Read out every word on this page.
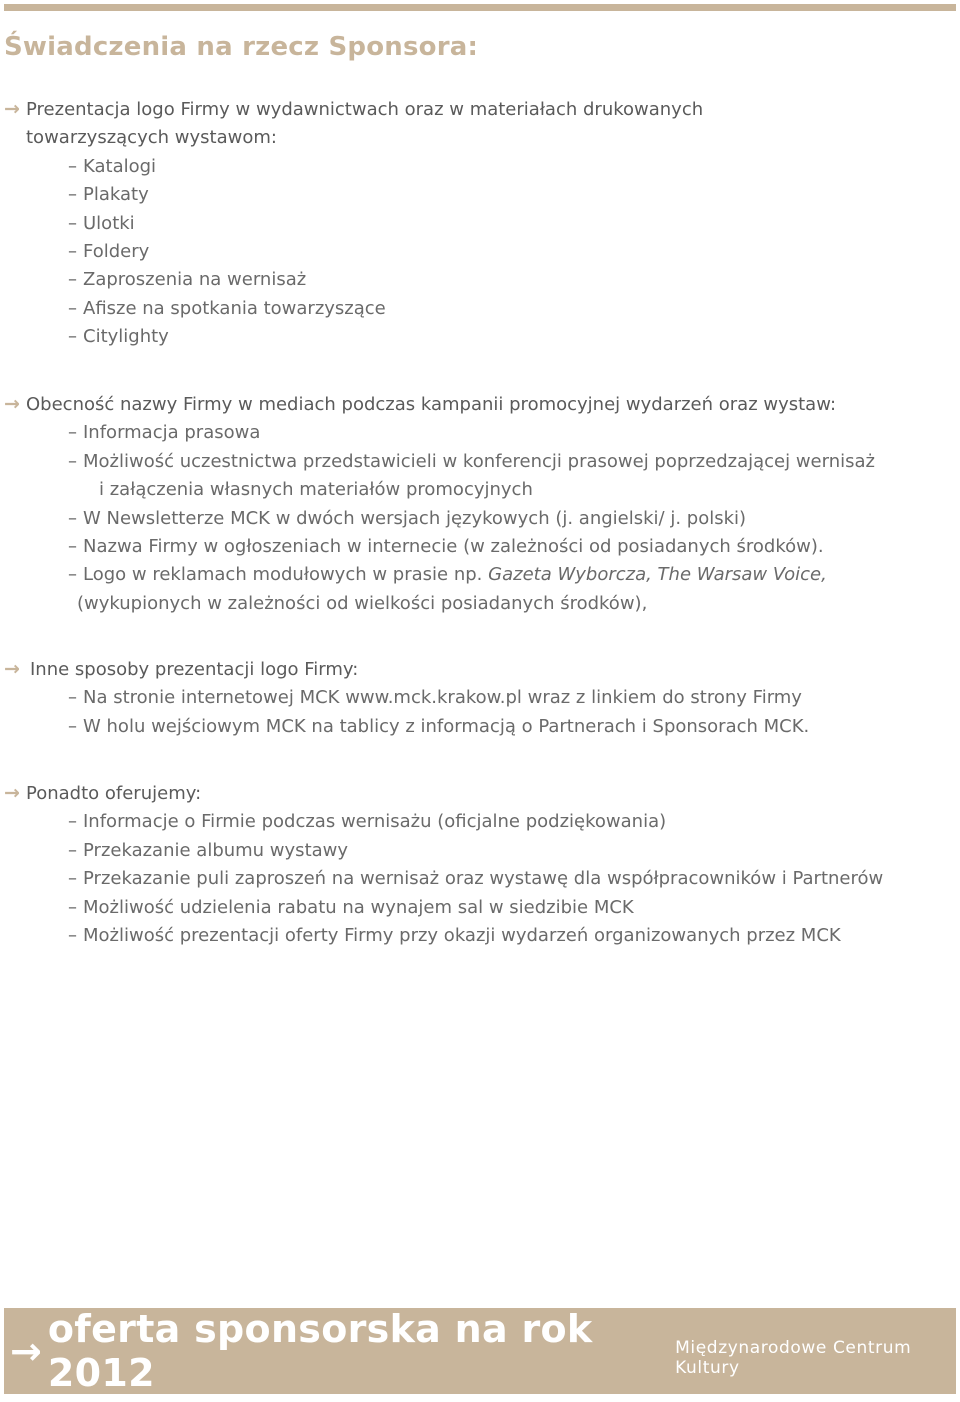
Świadczenia na rzecz Sponsora:
→ Prezentacja logo Firmy w wydawnictwach oraz w materiałach drukowanych
towarzyszących wystawom:
– Katalogi
– Plakaty
– Ulotki
– Foldery
– Zaproszenia na wernisaż
– Afisze na spotkania towarzyszące
– Citylighty
→ Obecność nazwy Firmy w mediach podczas kampanii promocyjnej wydarzeń oraz wystaw:
– Informacja prasowa
– Możliwość uczestnictwa przedstawicieli w konferencji prasowej poprzedzającej wernisaż
i załączenia własnych materiałów promocyjnych
– W Newsletterze MCK w dwóch wersjach językowych (j. angielski/ j. polski)
– Nazwa Firmy w ogłoszeniach w internecie (w zależności od posiadanych środków).
– Logo w reklamach modułowych w prasie np. Gazeta Wyborcza, The Warsaw Voice,
(wykupionych w zależności od wielkości posiadanych środków),
→ Inne sposoby prezentacji logo Firmy:
– Na stronie internetowej MCK www.mck.krakow.pl wraz z linkiem do strony Firmy
– W holu wejściowym MCK na tablicy z informacją o Partnerach i Sponsorach MCK.
→ Ponadto oferujemy:
– Informacje o Firmie podczas wernisażu (oficjalne podziękowania)
– Przekazanie albumu wystawy
– Przekazanie puli zaproszeń na wernisaż oraz wystawę dla współpracowników i Partnerów
– Możliwość udzielenia rabatu na wynajem sal w siedzibie MCK
– Możliwość prezentacji oferty Firmy przy okazji wydarzeń organizowanych przez MCK
→ oferta sponsorska na rok 2012
Międzynarodowe Centrum Kultury
